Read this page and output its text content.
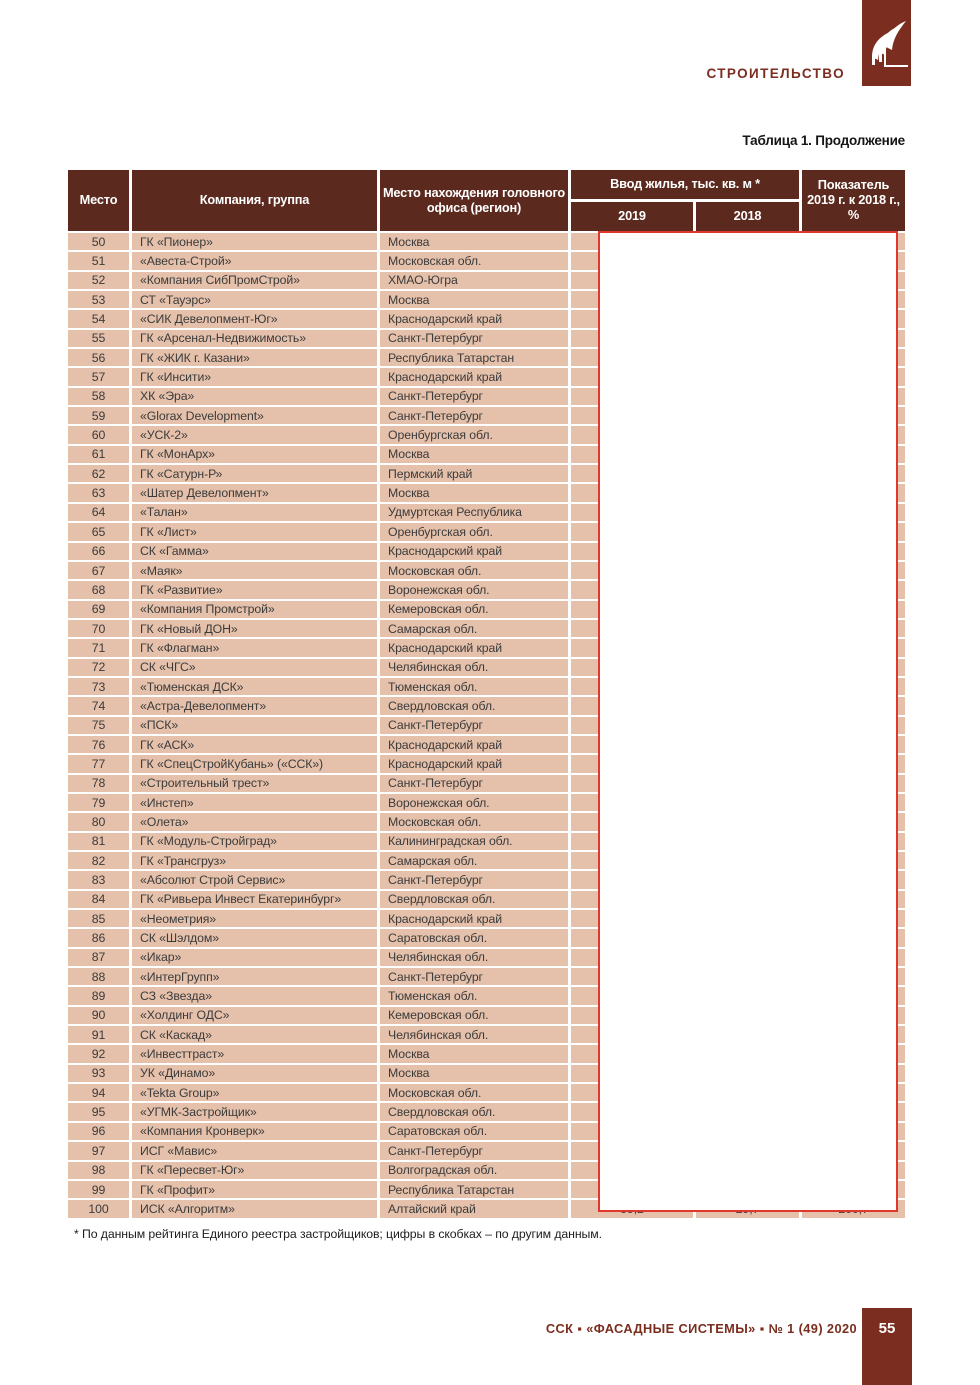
СТРОИТЕЛЬСТВО
Таблица 1. Продолжение
Место	Компания, группа	Место нахождения головного офиса (регион)
Ввод жилья, тыс. кв. м *
2019	2018
Показатель 2019 г. к 2018 г., %
50	ГК «Пионер»	Москва
51	«Авеста-Строй»	Московская обл.
52	«Компания СибПромСтрой»	ХМАО-Югра
53	СТ «Тауэрс»	Москва
54	«СИК Девелопмент-Юг»	Краснодарский край
55	ГК «Арсенал-Недвижимость»	Санкт-Петербург
56	ГК «ЖИК г. Казани»	Республика Татарстан
57	ГК «Инсити»	Краснодарский край
58	ХК «Эра»	Санкт-Петербург
59	«Glorax Development»	Санкт-Петербург
60	«УСК-2»	Оренбургская обл.
61	ГК «МонАрх»	Москва
62	ГК «Сатурн-Р»	Пермский край
63	«Шатер Девелопмент»	Москва
64	«Талан»	Удмуртская Республика
65	ГК «Лист»	Оренбургская обл.
66	СК «Гамма»	Краснодарский край
67	«Маяк»	Московская обл.
68	ГК «Развитие»	Воронежская обл.
69	«Компания Промстрой»	Кемеровская обл.
70	ГК «Новый ДОН»	Самарская обл.
71	ГК «Флагман»	Краснодарский край
72	СК «ЧГС»	Челябинская обл.
73	«Тюменская ДСК»	Тюменская обл.
74	«Астра-Девелопмент»	Свердловская обл.
75	«ПСК»	Санкт-Петербург
76	ГК «АСК»	Краснодарский край
77	ГК «СпецСтройКубань» («ССК»)	Краснодарский край
78	«Строительный трест»	Санкт-Петербург
79	«Инстеп»	Воронежская обл.
80	«Олета»	Московская обл.
81	ГК «Модуль-Стройград»	Калининградская обл.
82	ГК «Трансгруз»	Самарская обл.
83	«Абсолют Строй Сервис»	Санкт-Петербург
84	ГК «Ривьера Инвест Екатеринбург»	Свердловская обл.
85	«Неометрия»	Краснодарский край
86	СК «Шэлдом»	Саратовская обл.
87	«Икар»	Челябинская обл.
88	«ИнтерГрупп»	Санкт-Петербург
89	СЗ «Звезда»	Тюменская обл.
90	«Холдинг ОДС»	Кемеровская обл.
91	СК «Каскад»	Челябинская обл.
92	«Инвесттраст»	Москва
93	УК «Динамо»	Москва
94	«Tekta Group»	Московская обл.
95	«УГМК-Застройщик»	Свердловская обл.
96	«Компания Кронверк»	Саратовская обл.
97	ИСГ «Мавис»	Санкт-Петербург
98	ГК «Пересвет-Юг»	Волгоградская обл.
99	ГК «Профит»	Республика Татарстан
100	ИСК «Алгоритм»	Алтайский край
* По данным рейтинга Единого реестра застройщиков; цифры в скобках – по другим данным.
ССК ▪ «ФАСАДНЫЕ СИСТЕМЫ» ▪ № 1 (49) 2020	55
